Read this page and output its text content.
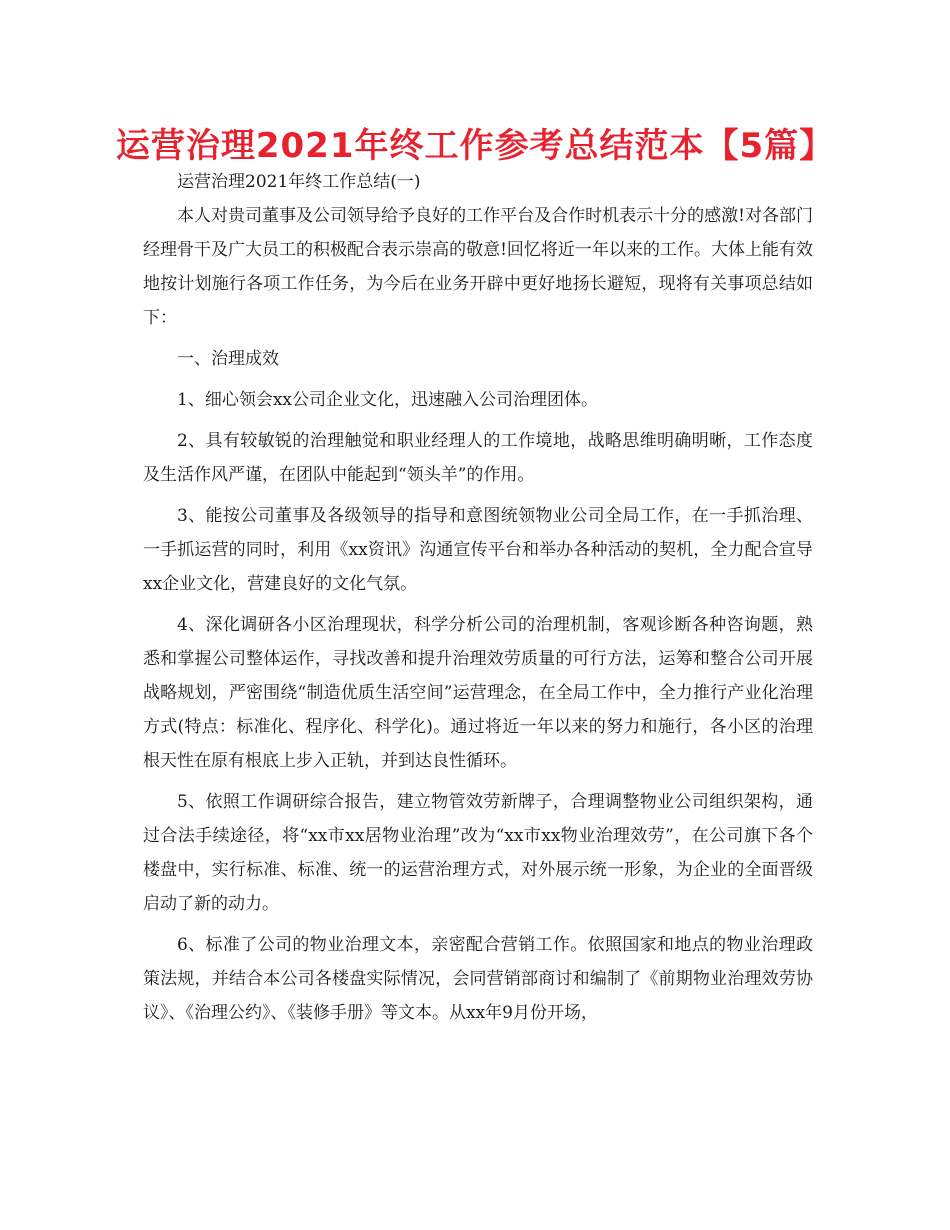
运营治理2021年终工作参考总结范本【5篇】

运营治理2021年终工作总结(一)

本人对贵司董事及公司领导给予良好的工作平台及合作时机表示十分的感激!对各部门经理骨干及广大员工的积极配合表示崇高的敬意!回忆将近一年以来的工作。大体上能有效地按计划施行各项工作任务，为今后在业务开辟中更好地扬长避短，现将有关事项总结如下：

一、治理成效

1、细心领会xx公司企业文化，迅速融入公司治理团体。

2、具有较敏锐的治理触觉和职业经理人的工作境地，战略思维明确明晰，工作态度及生活作风严谨，在团队中能起到“领头羊”的作用。

3、能按公司董事及各级领导的指导和意图统领物业公司全局工作，在一手抓治理、一手抓运营的同时，利用《xx资讯》沟通宣传平台和举办各种活动的契机，全力配合宣导xx企业文化，营建良好的文化气氛。

4、深化调研各小区治理现状，科学分析公司的治理机制，客观诊断各种咨询题，熟悉和掌握公司整体运作，寻找改善和提升治理效劳质量的可行方法，运筹和整合公司开展战略规划，严密围绕“制造优质生活空间”运营理念，在全局工作中，全力推行产业化治理方式(特点：标准化、程序化、科学化)。通过将近一年以来的努力和施行，各小区的治理根天性在原有根底上步入正轨，并到达良性循环。

5、依照工作调研综合报告，建立物管效劳新牌子，合理调整物业公司组织架构，通过合法手续途径，将“xx市xx居物业治理”改为“xx市xx物业治理效劳”，在公司旗下各个楼盘中，实行标准、标准、统一的运营治理方式，对外展示统一形象，为企业的全面晋级启动了新的动力。

6、标准了公司的物业治理文本，亲密配合营销工作。依照国家和地点的物业治理政策法规，并结合本公司各楼盘实际情况，会同营销部商讨和编制了《前期物业治理效劳协议》、《治理公约》、《装修手册》等文本。从xx年9月份开场，
